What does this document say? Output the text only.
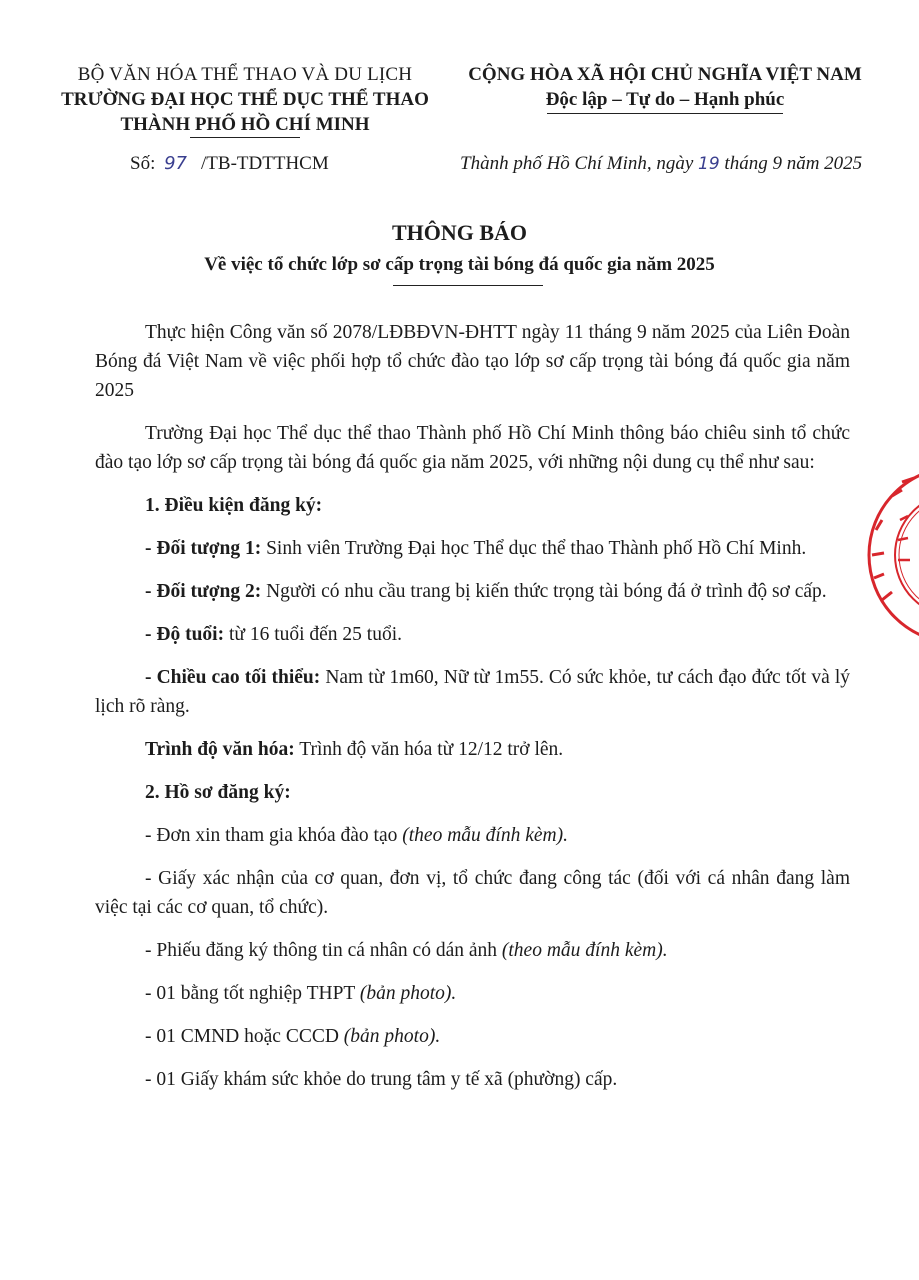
BỘ VĂN HÓA THỂ THAO VÀ DU LỊCH
TRƯỜNG ĐẠI HỌC THỂ DỤC THỂ THAO
THÀNH PHỐ HỒ CHÍ MINH
CỘNG HÒA XÃ HỘI CHỦ NGHĨA VIỆT NAM
Độc lập – Tự do – Hạnh phúc
Số: 97 /TB-TDTTHCM	Thành phố Hồ Chí Minh, ngày 19 tháng 9 năm 2025
THÔNG BÁO
Về việc tổ chức lớp sơ cấp trọng tài bóng đá quốc gia năm 2025

Thực hiện Công văn số 2078/LĐBĐVN-ĐHTT ngày 11 tháng 9 năm 2025 của Liên Đoàn Bóng đá Việt Nam về việc phối hợp tổ chức đào tạo lớp sơ cấp trọng tài bóng đá quốc gia năm 2025

Trường Đại học Thể dục thể thao Thành phố Hồ Chí Minh thông báo chiêu sinh tổ chức đào tạo lớp sơ cấp trọng tài bóng đá quốc gia năm 2025, với những nội dung cụ thể như sau:

1. Điều kiện đăng ký:

- Đối tượng 1: Sinh viên Trường Đại học Thể dục thể thao Thành phố Hồ Chí Minh.

- Đối tượng 2: Người có nhu cầu trang bị kiến thức trọng tài bóng đá ở trình độ sơ cấp.

- Độ tuổi: từ 16 tuổi đến 25 tuổi.

- Chiều cao tối thiểu: Nam từ 1m60, Nữ từ 1m55. Có sức khỏe, tư cách đạo đức tốt và lý lịch rõ ràng.

Trình độ văn hóa: Trình độ văn hóa từ 12/12 trở lên.

2. Hồ sơ đăng ký:

- Đơn xin tham gia khóa đào tạo (theo mẫu đính kèm).

- Giấy xác nhận của cơ quan, đơn vị, tổ chức đang công tác (đối với cá nhân đang làm việc tại các cơ quan, tổ chức).

- Phiếu đăng ký thông tin cá nhân có dán ảnh (theo mẫu đính kèm).

- 01 bằng tốt nghiệp THPT (bản photo).

- 01 CMND hoặc CCCD (bản photo).

- 01 Giấy khám sức khỏe do trung tâm y tế xã (phường) cấp.
